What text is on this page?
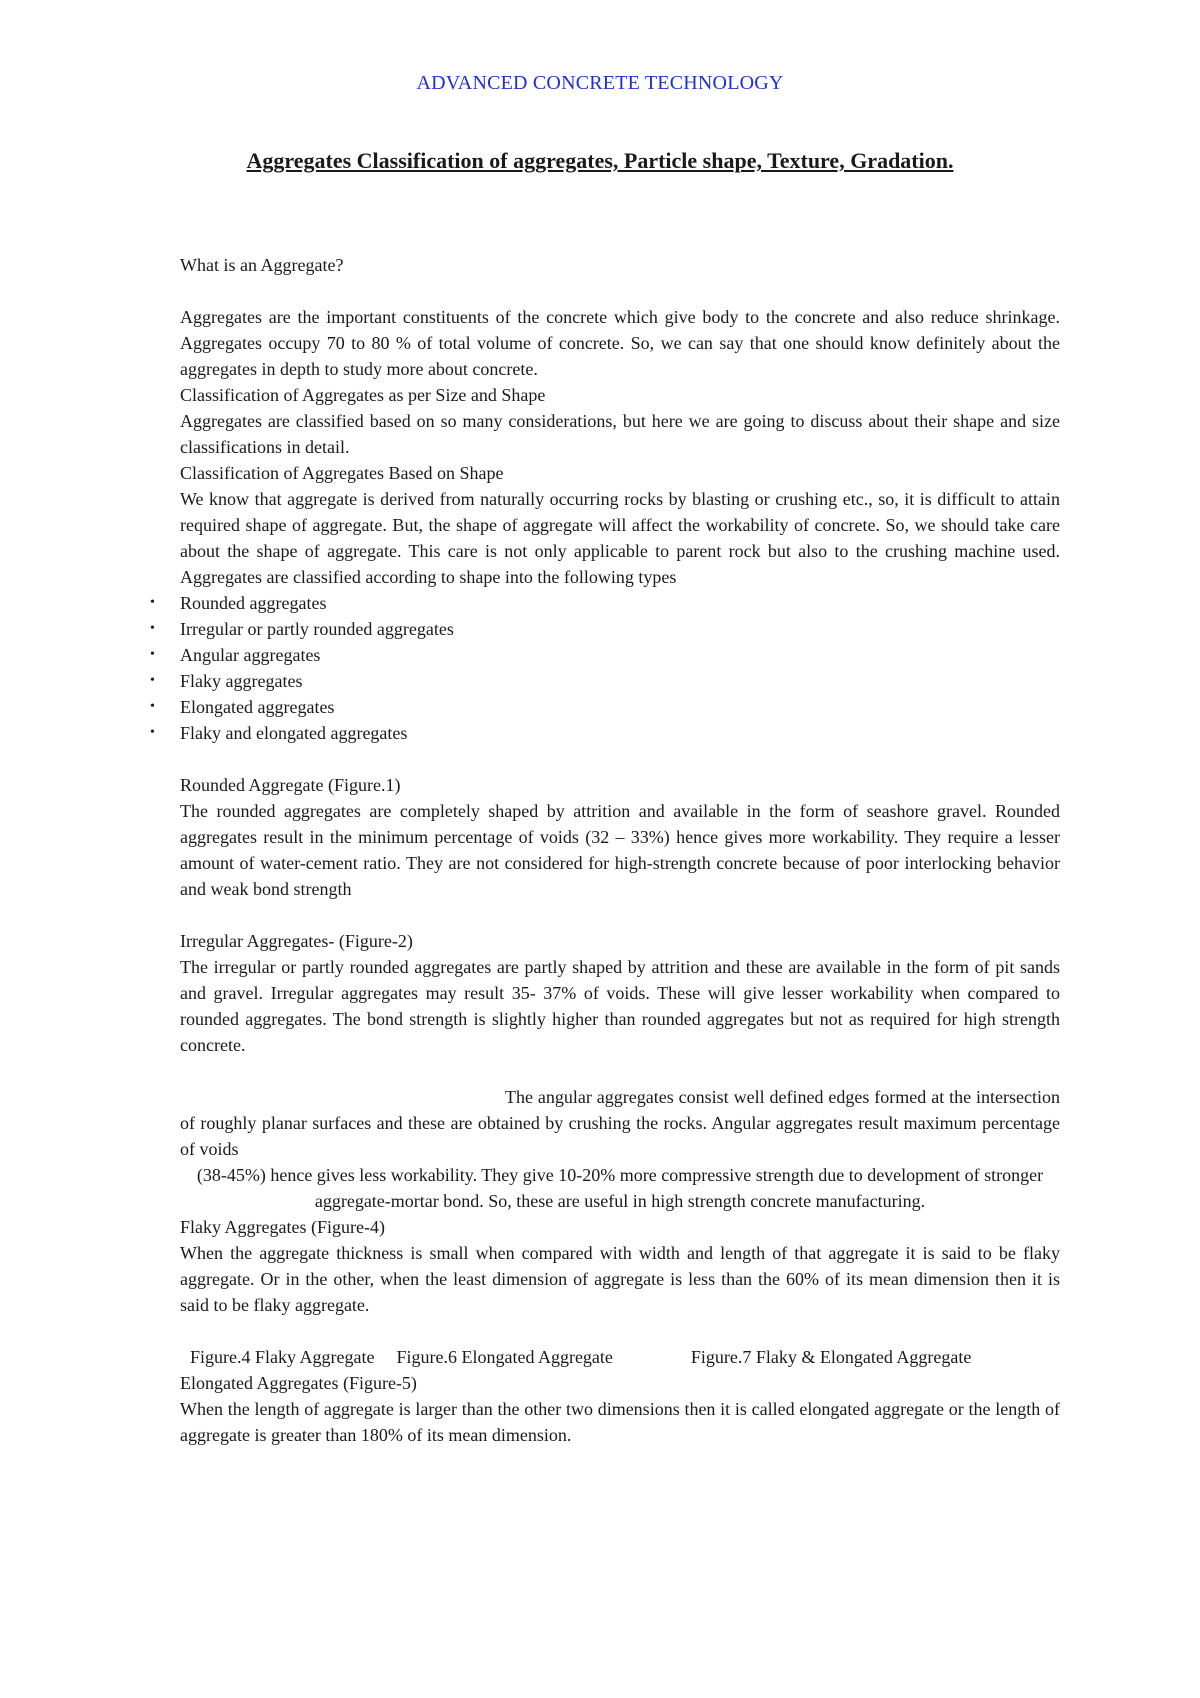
ADVANCED CONCRETE TECHNOLOGY
Aggregates Classification of aggregates, Particle shape, Texture, Gradation.

What is an Aggregate?

Aggregates are the important constituents of the concrete which give body to the concrete and also reduce shrinkage. Aggregates occupy 70 to 80 % of total volume of concrete. So, we can say that one should know definitely about the aggregates in depth to study more about concrete.

Classification of Aggregates as per Size and Shape

Aggregates are classified based on so many considerations, but here we are going to discuss about their shape and size classifications in detail.

Classification of Aggregates Based on Shape

We know that aggregate is derived from naturally occurring rocks by blasting or crushing etc., so, it is difficult to attain required shape of aggregate. But, the shape of aggregate will affect the workability of concrete. So, we should take care about the shape of aggregate. This care is not only applicable to parent rock but also to the crushing machine used. Aggregates are classified according to shape into the following types

• Rounded aggregates
• Irregular or partly rounded aggregates
• Angular aggregates
• Flaky aggregates
• Elongated aggregates
• Flaky and elongated aggregates

Rounded Aggregate (Figure.1)

The rounded aggregates are completely shaped by attrition and available in the form of seashore gravel. Rounded aggregates result in the minimum percentage of voids (32 – 33%) hence gives more workability. They require a lesser amount of water-cement ratio. They are not considered for high-strength concrete because of poor interlocking behavior and weak bond strength

Irregular Aggregates- (Figure-2)

The irregular or partly rounded aggregates are partly shaped by attrition and these are available in the form of pit sands and gravel. Irregular aggregates may result 35- 37% of voids. These will give lesser workability when compared to rounded aggregates. The bond strength is slightly higher than rounded aggregates but not as required for high strength concrete.

The angular aggregates consist well defined edges formed at the intersection of roughly planar surfaces and these are obtained by crushing the rocks. Angular aggregates result maximum percentage of voids

(38-45%) hence gives less workability. They give 10-20% more compressive strength due to development of stronger aggregate-mortar bond. So, these are useful in high strength concrete manufacturing.

Flaky Aggregates (Figure-4)

When the aggregate thickness is small when compared with width and length of that aggregate it is said to be flaky aggregate. Or in the other, when the least dimension of aggregate is less than the 60% of its mean dimension then it is said to be flaky aggregate.

Figure.4 Flaky Aggregate Figure.6 Elongated Aggregate	Figure.7 Flaky & Elongated Aggregate

Elongated Aggregates (Figure-5)

When the length of aggregate is larger than the other two dimensions then it is called elongated aggregate or the length of aggregate is greater than 180% of its mean dimension.
